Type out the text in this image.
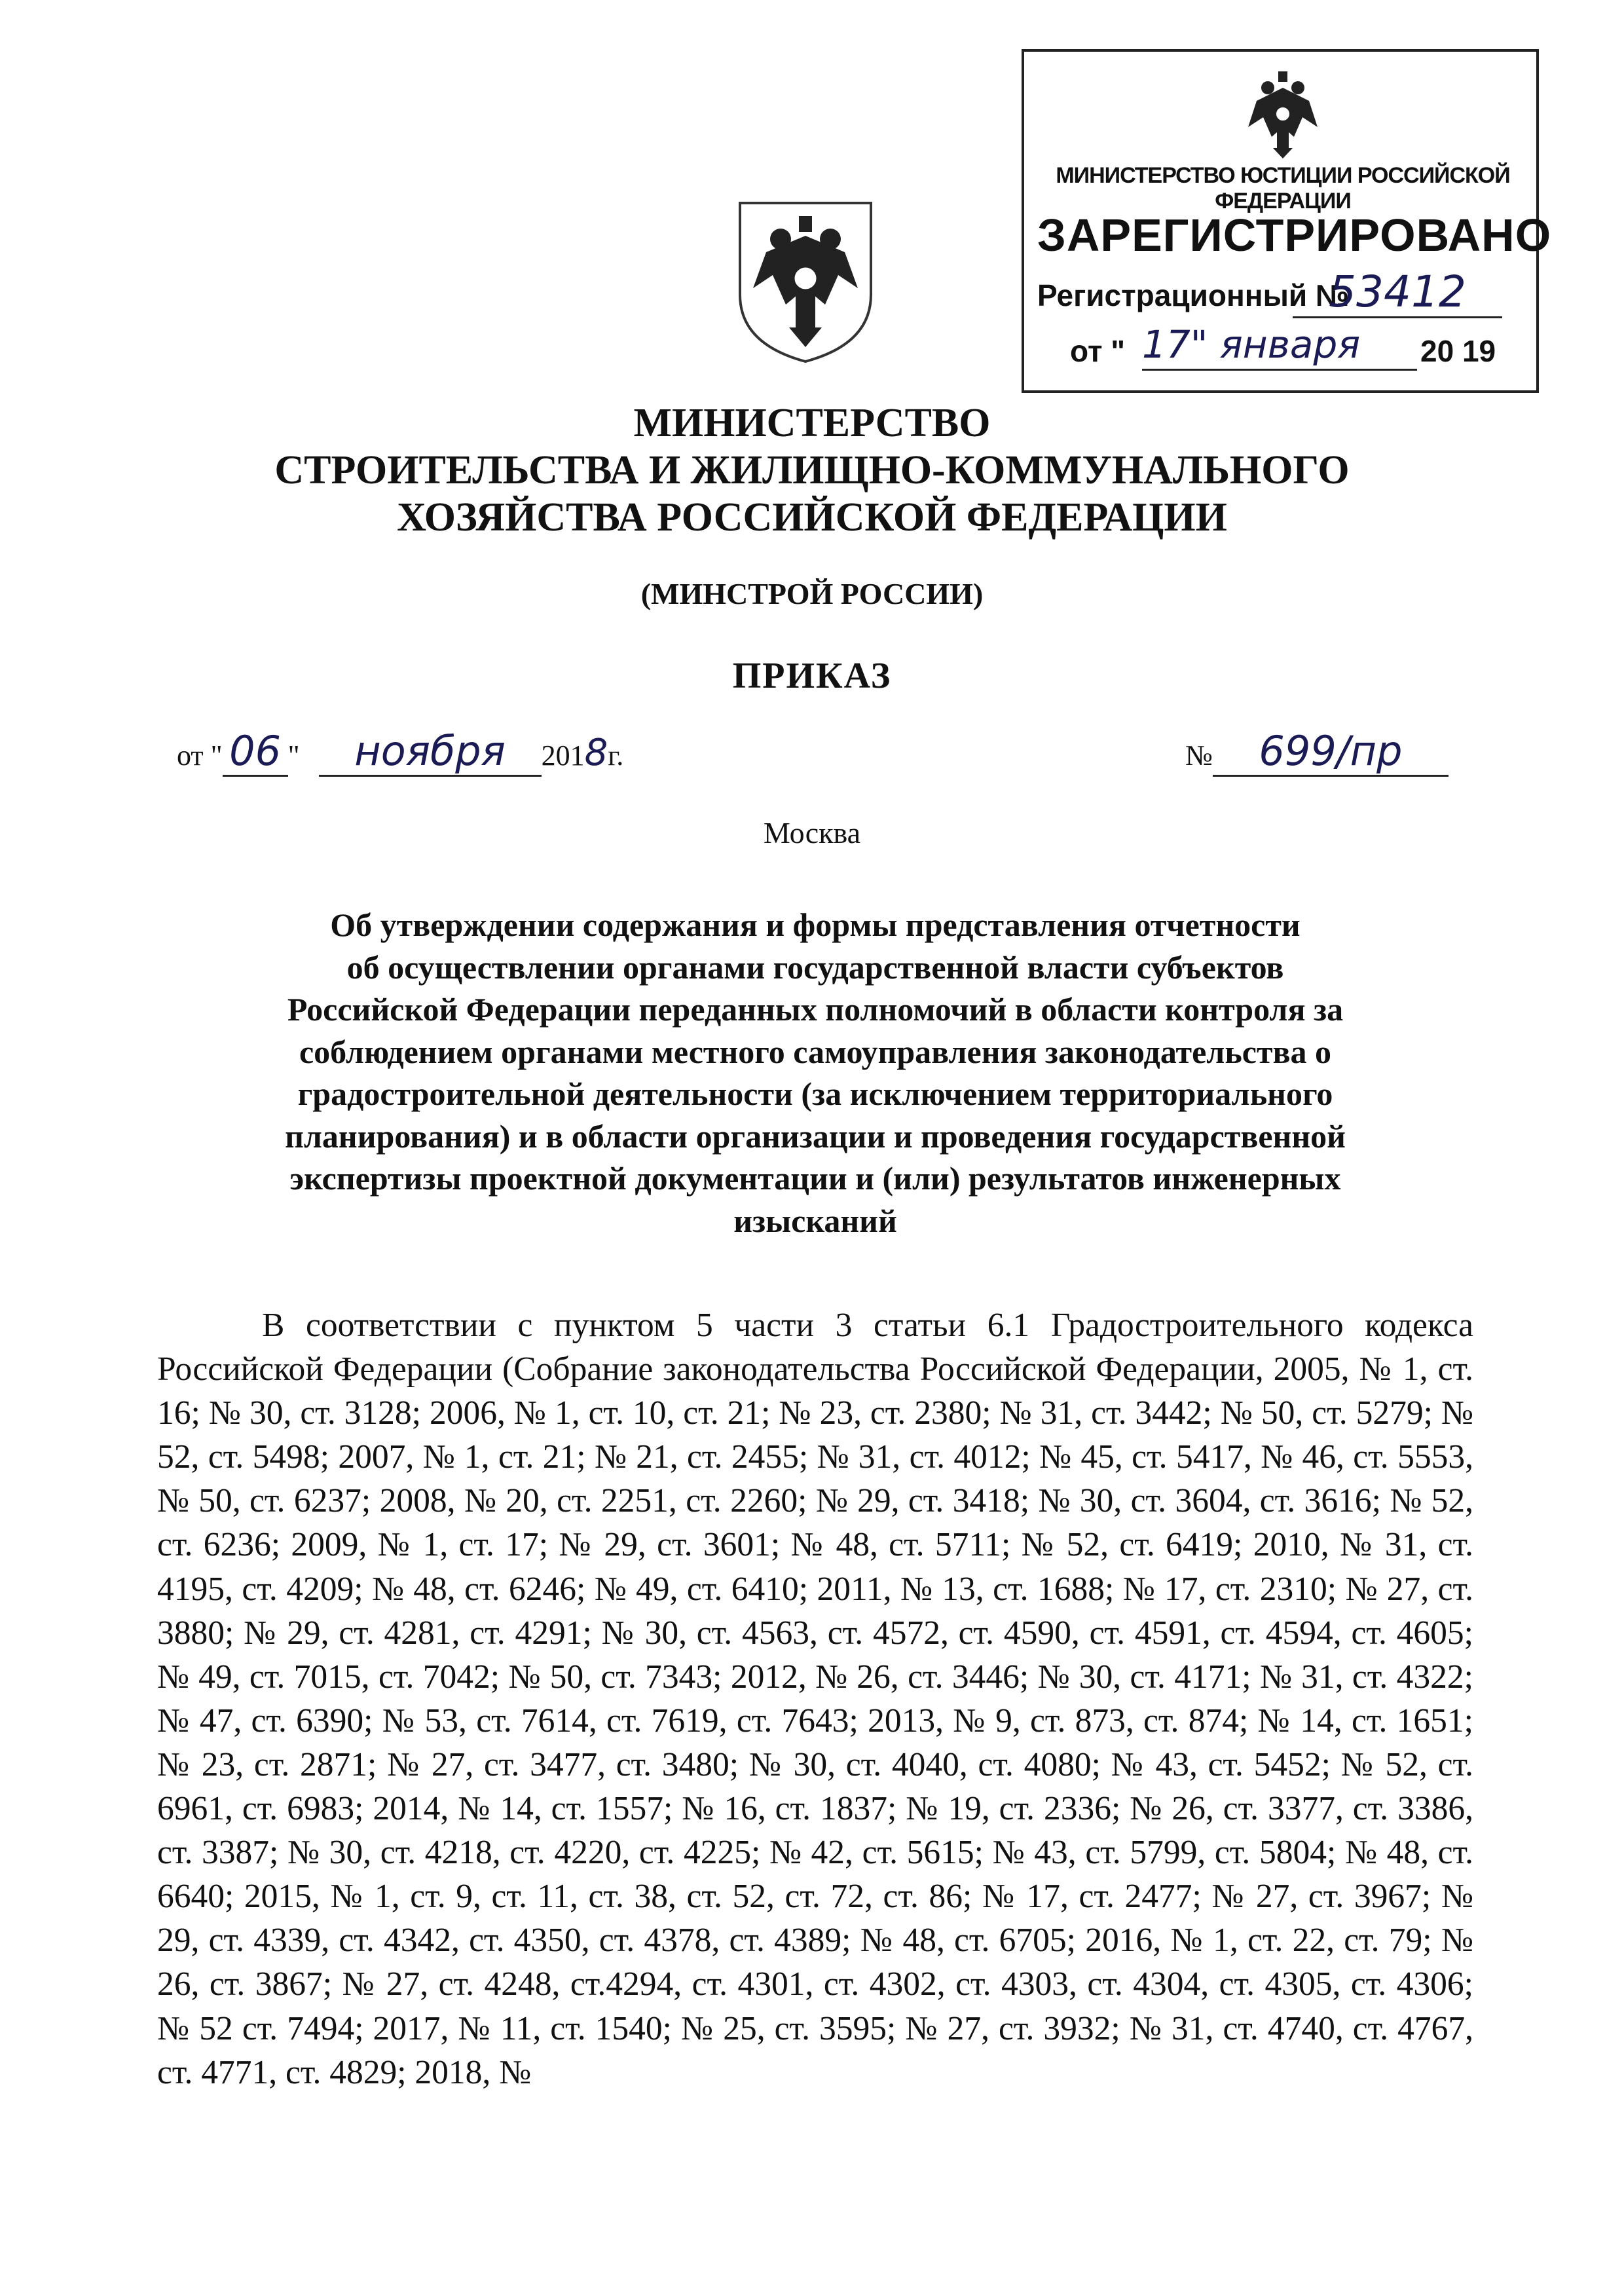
МИНИСТЕРСТВО ЮСТИЦИИ РОССИЙСКОЙ ФЕДЕРАЦИИ
ЗАРЕГИСТРИРОВАНО
Регистрационный №
53412
от " 17" января	20 19
МИНИСТЕРСТВО
СТРОИТЕЛЬСТВА И ЖИЛИЩНО-КОММУНАЛЬНОГО
ХОЗЯЙСТВА РОССИЙСКОЙ ФЕДЕРАЦИИ
(МИНСТРОЙ РОССИИ)
ПРИКАЗ
от " 06 " ноября 2018г.	№ 699/пр
Москва
Об утверждении содержания и формы представления отчетности
об осуществлении органами государственной власти субъектов
Российской Федерации переданных полномочий в области контроля за
соблюдением органами местного самоуправления законодательства о
градостроительной деятельности (за исключением территориального
планирования) и в области организации и проведения государственной
экспертизы проектной документации и (или) результатов инженерных
изысканий
В соответствии с пунктом 5 части 3 статьи 6.1 Градостроительного кодекса Российской Федерации (Собрание законодательства Российской Федерации, 2005, № 1, ст. 16; № 30, ст. 3128; 2006, № 1, ст. 10, ст. 21; № 23, ст. 2380; № 31, ст. 3442; № 50, ст. 5279; № 52, ст. 5498; 2007, № 1, ст. 21; № 21, ст. 2455; № 31, ст. 4012; № 45, ст. 5417, № 46, ст. 5553, № 50, ст. 6237; 2008, № 20, ст. 2251, ст. 2260; № 29, ст. 3418; № 30, ст. 3604, ст. 3616; № 52, ст. 6236; 2009, № 1, ст. 17; № 29, ст. 3601; № 48, ст. 5711; № 52, ст. 6419; 2010, № 31, ст. 4195, ст. 4209; № 48, ст. 6246; № 49, ст. 6410; 2011, № 13, ст. 1688; № 17, ст. 2310; № 27, ст. 3880; № 29, ст. 4281, ст. 4291; № 30, ст. 4563, ст. 4572, ст. 4590, ст. 4591, ст. 4594, ст. 4605; № 49, ст. 7015, ст. 7042; № 50, ст. 7343; 2012, № 26, ст. 3446; № 30, ст. 4171; № 31, ст. 4322; № 47, ст. 6390; № 53, ст. 7614, ст. 7619, ст. 7643; 2013, № 9, ст. 873, ст. 874; № 14, ст. 1651; № 23, ст. 2871; № 27, ст. 3477, ст. 3480; № 30, ст. 4040, ст. 4080; № 43, ст. 5452; № 52, ст. 6961, ст. 6983; 2014, № 14, ст. 1557; № 16, ст. 1837; № 19, ст. 2336; № 26, ст. 3377, ст. 3386, ст. 3387; № 30, ст. 4218, ст. 4220, ст. 4225; № 42, ст. 5615; № 43, ст. 5799, ст. 5804; № 48, ст. 6640; 2015, № 1, ст. 9, ст. 11, ст. 38, ст. 52, ст. 72, ст. 86; № 17, ст. 2477; № 27, ст. 3967; № 29, ст. 4339, ст. 4342, ст. 4350, ст. 4378, ст. 4389; № 48, ст. 6705; 2016, № 1, ст. 22, ст. 79; № 26, ст. 3867; № 27, ст. 4248, ст.4294, ст. 4301, ст. 4302, ст. 4303, ст. 4304, ст. 4305, ст. 4306; № 52 ст. 7494; 2017, № 11, ст. 1540; № 25, ст. 3595; № 27, ст. 3932; № 31, ст. 4740, ст. 4767, ст. 4771, ст. 4829; 2018, №
